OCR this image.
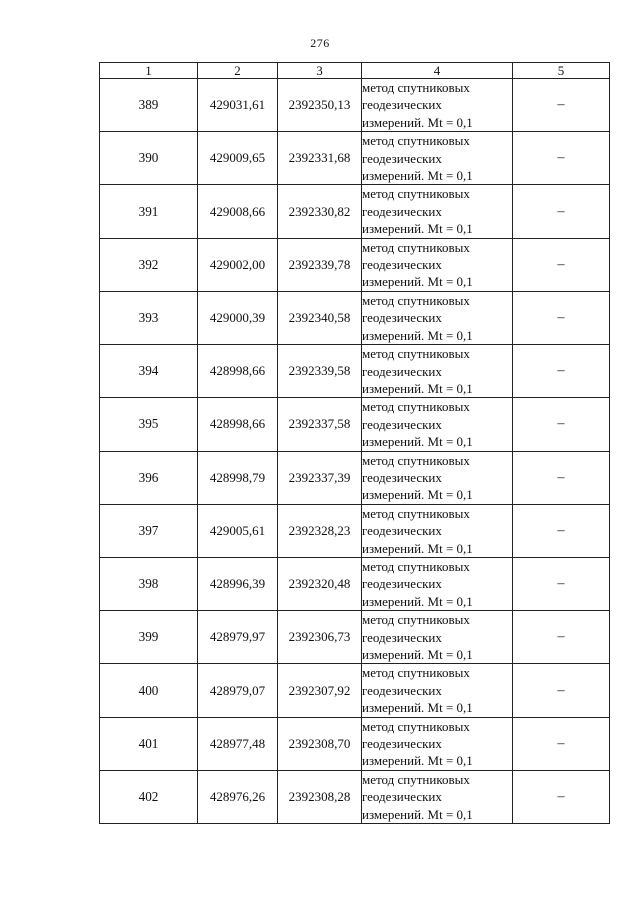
276
1	2	3	4	5
389	429031,61	2392350,13	метод спутниковых
геодезических
измерений. Mt = 0,1	–
390	429009,65	2392331,68	метод спутниковых
геодезических
измерений. Mt = 0,1	–
391	429008,66	2392330,82	метод спутниковых
геодезических
измерений. Mt = 0,1	–
392	429002,00	2392339,78	метод спутниковых
геодезических
измерений. Mt = 0,1	–
393	429000,39	2392340,58	метод спутниковых
геодезических
измерений. Mt = 0,1	–
394	428998,66	2392339,58	метод спутниковых
геодезических
измерений. Mt = 0,1	–
395	428998,66	2392337,58	метод спутниковых
геодезических
измерений. Mt = 0,1	–
396	428998,79	2392337,39	метод спутниковых
геодезических
измерений. Mt = 0,1	–
397	429005,61	2392328,23	метод спутниковых
геодезических
измерений. Mt = 0,1	–
398	428996,39	2392320,48	метод спутниковых
геодезических
измерений. Mt = 0,1	–
399	428979,97	2392306,73	метод спутниковых
геодезических
измерений. Mt = 0,1	–
400	428979,07	2392307,92	метод спутниковых
геодезических
измерений. Mt = 0,1	–
401	428977,48	2392308,70	метод спутниковых
геодезических
измерений. Mt = 0,1	–
402	428976,26	2392308,28	метод спутниковых
геодезических
измерений. Mt = 0,1	–
